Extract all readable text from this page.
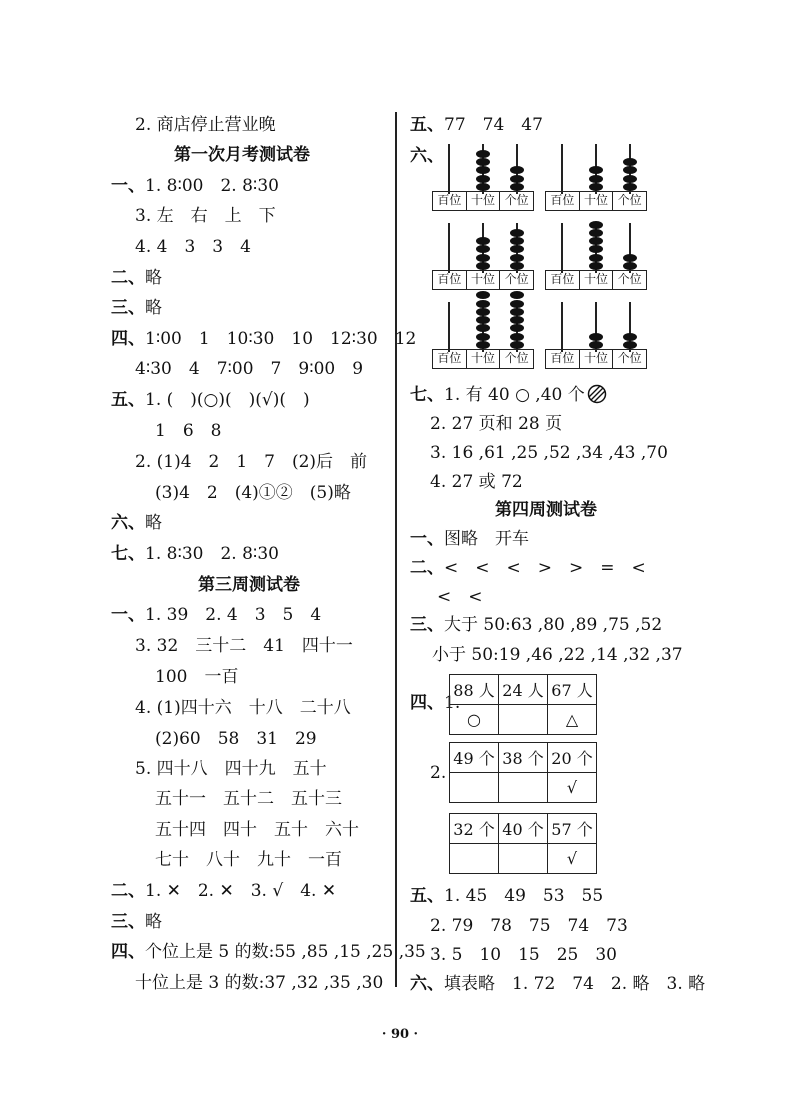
2. 商店停止营业晚
第一次月考测试卷
一、1. 8∶00　2. 8∶30
3. 左　右　上　下
4. 4　3　3　4
二、略
三、略
四、1∶00　1　10∶30　10　12∶30　12
4∶30　4　7∶00　7　9∶00　9
五、1. (　)(○)(　)(√)(　)
1　6　8
2. (1)4　2　1　7　(2)后　前
(3)4　2　(4)①②　(5)略
六、略
七、1. 8∶30　2. 8∶30
第三周测试卷
一、1. 39　2. 4　3　5　4
3. 32　三十二　41　四十一
100　一百
4. (1)四十六　十八　二十八
(2)60　58　31　29
5. 四十八　四十九　五十
五十一　五十二　五十三
五十四　四十　五十　六十
七十　八十　九十　一百
二、1. ✕　2. ✕　3. √　4. ✕
三、略
四、个位上是 5 的数:55 ,85 ,15 ,25 ,35
十位上是 3 的数:37 ,32 ,35 ,30
五、77　74　47
六、
百位 十位 个位	百位 十位 个位
百位 十位 个位	百位 十位 个位
百位 十位 个位	百位 十位 个位
七、1. 有 40 ○ ,40 个
2. 27 页和 28 页
3. 16 ,61 ,25 ,52 ,34 ,43 ,70
4. 27 或 72
第四周测试卷
一、图略　开车
二、<　<　<　>　>　=　<
<　<
三、大于 50:63 ,80 ,89 ,75 ,52
小于 50:19 ,46 ,22 ,14 ,32 ,37
四、1.
88 人	24 人	67 人
○		△
2.
49 个	38 个	20 个
		√
32 个	40 个	57 个
		√
五、1. 45　49　53　55
2. 79　78　75　74　73
3. 5　10　15　25　30
六、填表略　1. 72　74　2. 略　3. 略
· 90 ·
